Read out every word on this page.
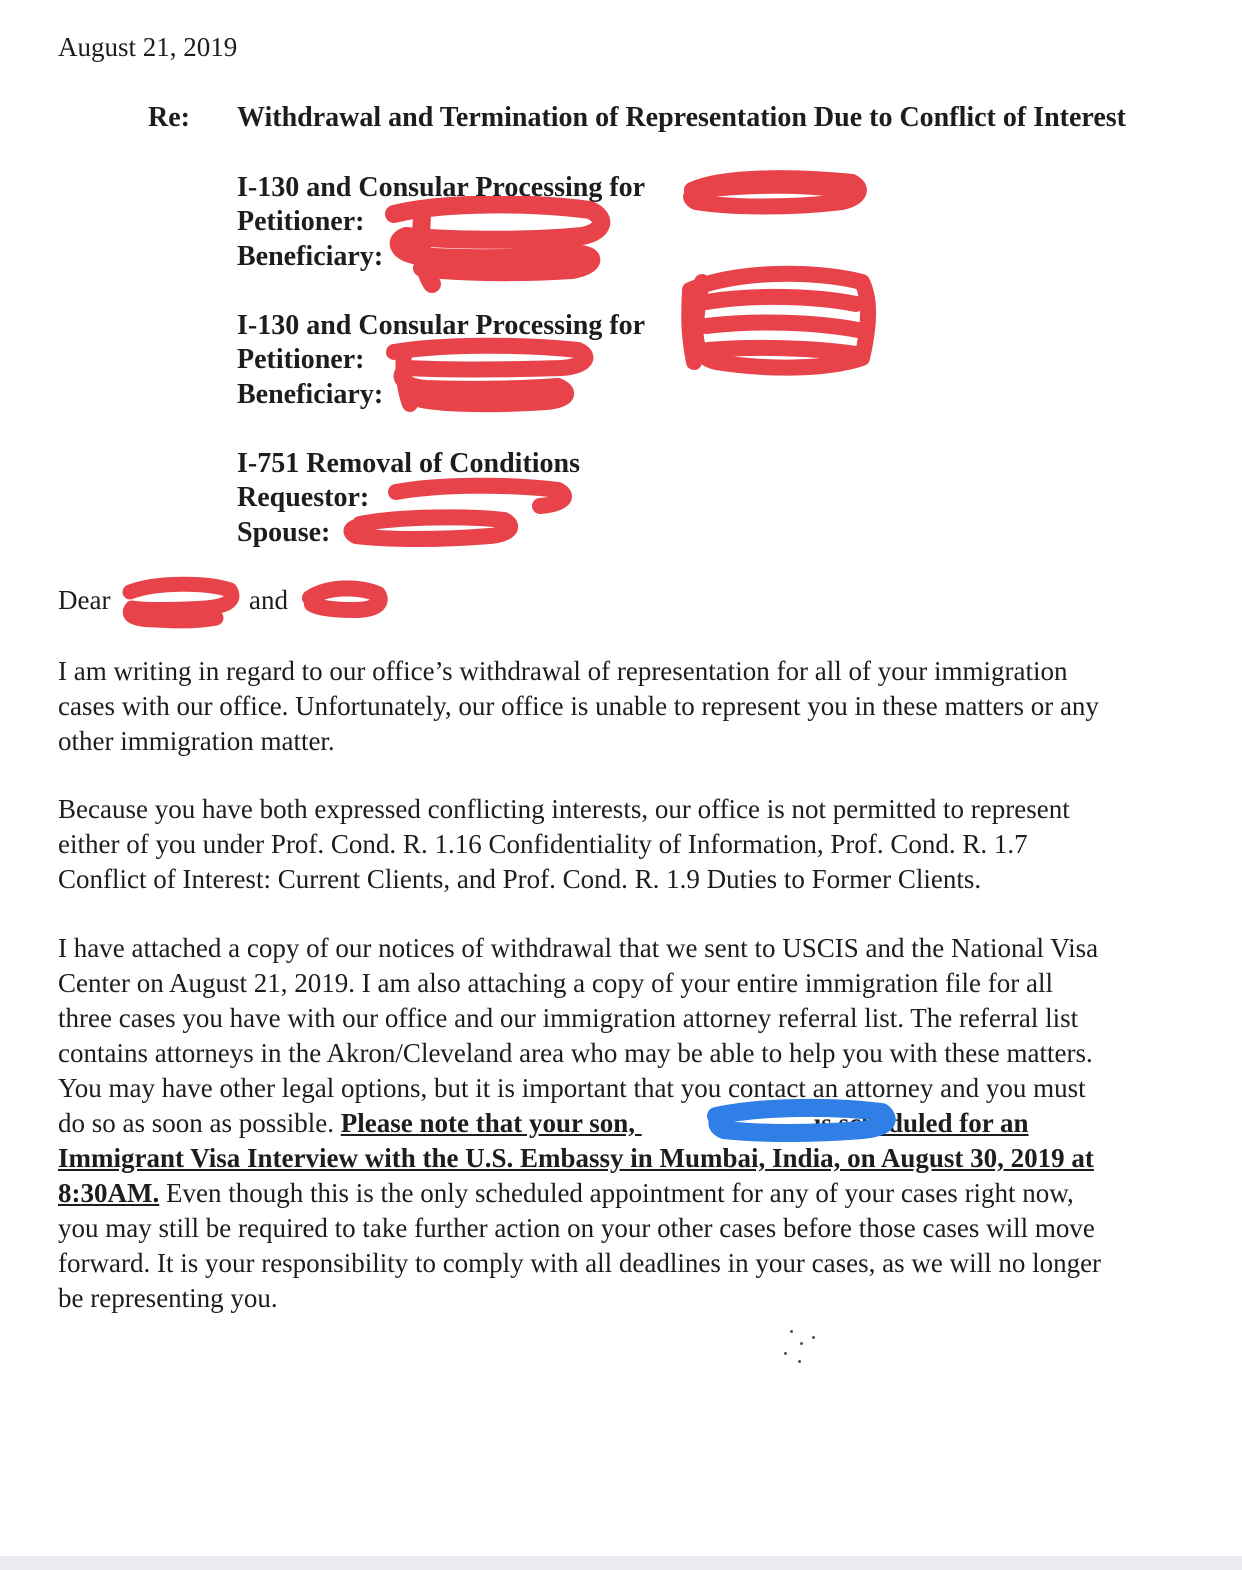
August 21, 2019
Re: Withdrawal and Termination of Representation Due to Conflict of Interest
I-130 and Consular Processing for
Petitioner:
Beneficiary:
I-130 and Consular Processing for
Petitioner:
Beneficiary:
I-751 Removal of Conditions
Requestor:
Spouse:
Dear	and
I am writing in regard to our office’s withdrawal of representation for all of your immigration
cases with our office. Unfortunately, our office is unable to represent you in these matters or any
other immigration matter.
Because you have both expressed conflicting interests, our office is not permitted to represent
either of you under Prof. Cond. R. 1.16 Confidentiality of Information, Prof. Cond. R. 1.7
Conflict of Interest: Current Clients, and Prof. Cond. R. 1.9 Duties to Former Clients.
I have attached a copy of our notices of withdrawal that we sent to USCIS and the National Visa
Center on August 21, 2019. I am also attaching a copy of your entire immigration file for all
three cases you have with our office and our immigration attorney referral list. The referral list
contains attorneys in the Akron/Cleveland area who may be able to help you with these matters.
You may have other legal options, but it is important that you contact an attorney and you must
do so as soon as possible. Please note that your son,	is scheduled for an
Immigrant Visa Interview with the U.S. Embassy in Mumbai, India, on August 30, 2019 at
8:30AM. Even though this is the only scheduled appointment for any of your cases right now,
you may still be required to take further action on your other cases before those cases will move
forward. It is your responsibility to comply with all deadlines in your cases, as we will no longer
be representing you.
